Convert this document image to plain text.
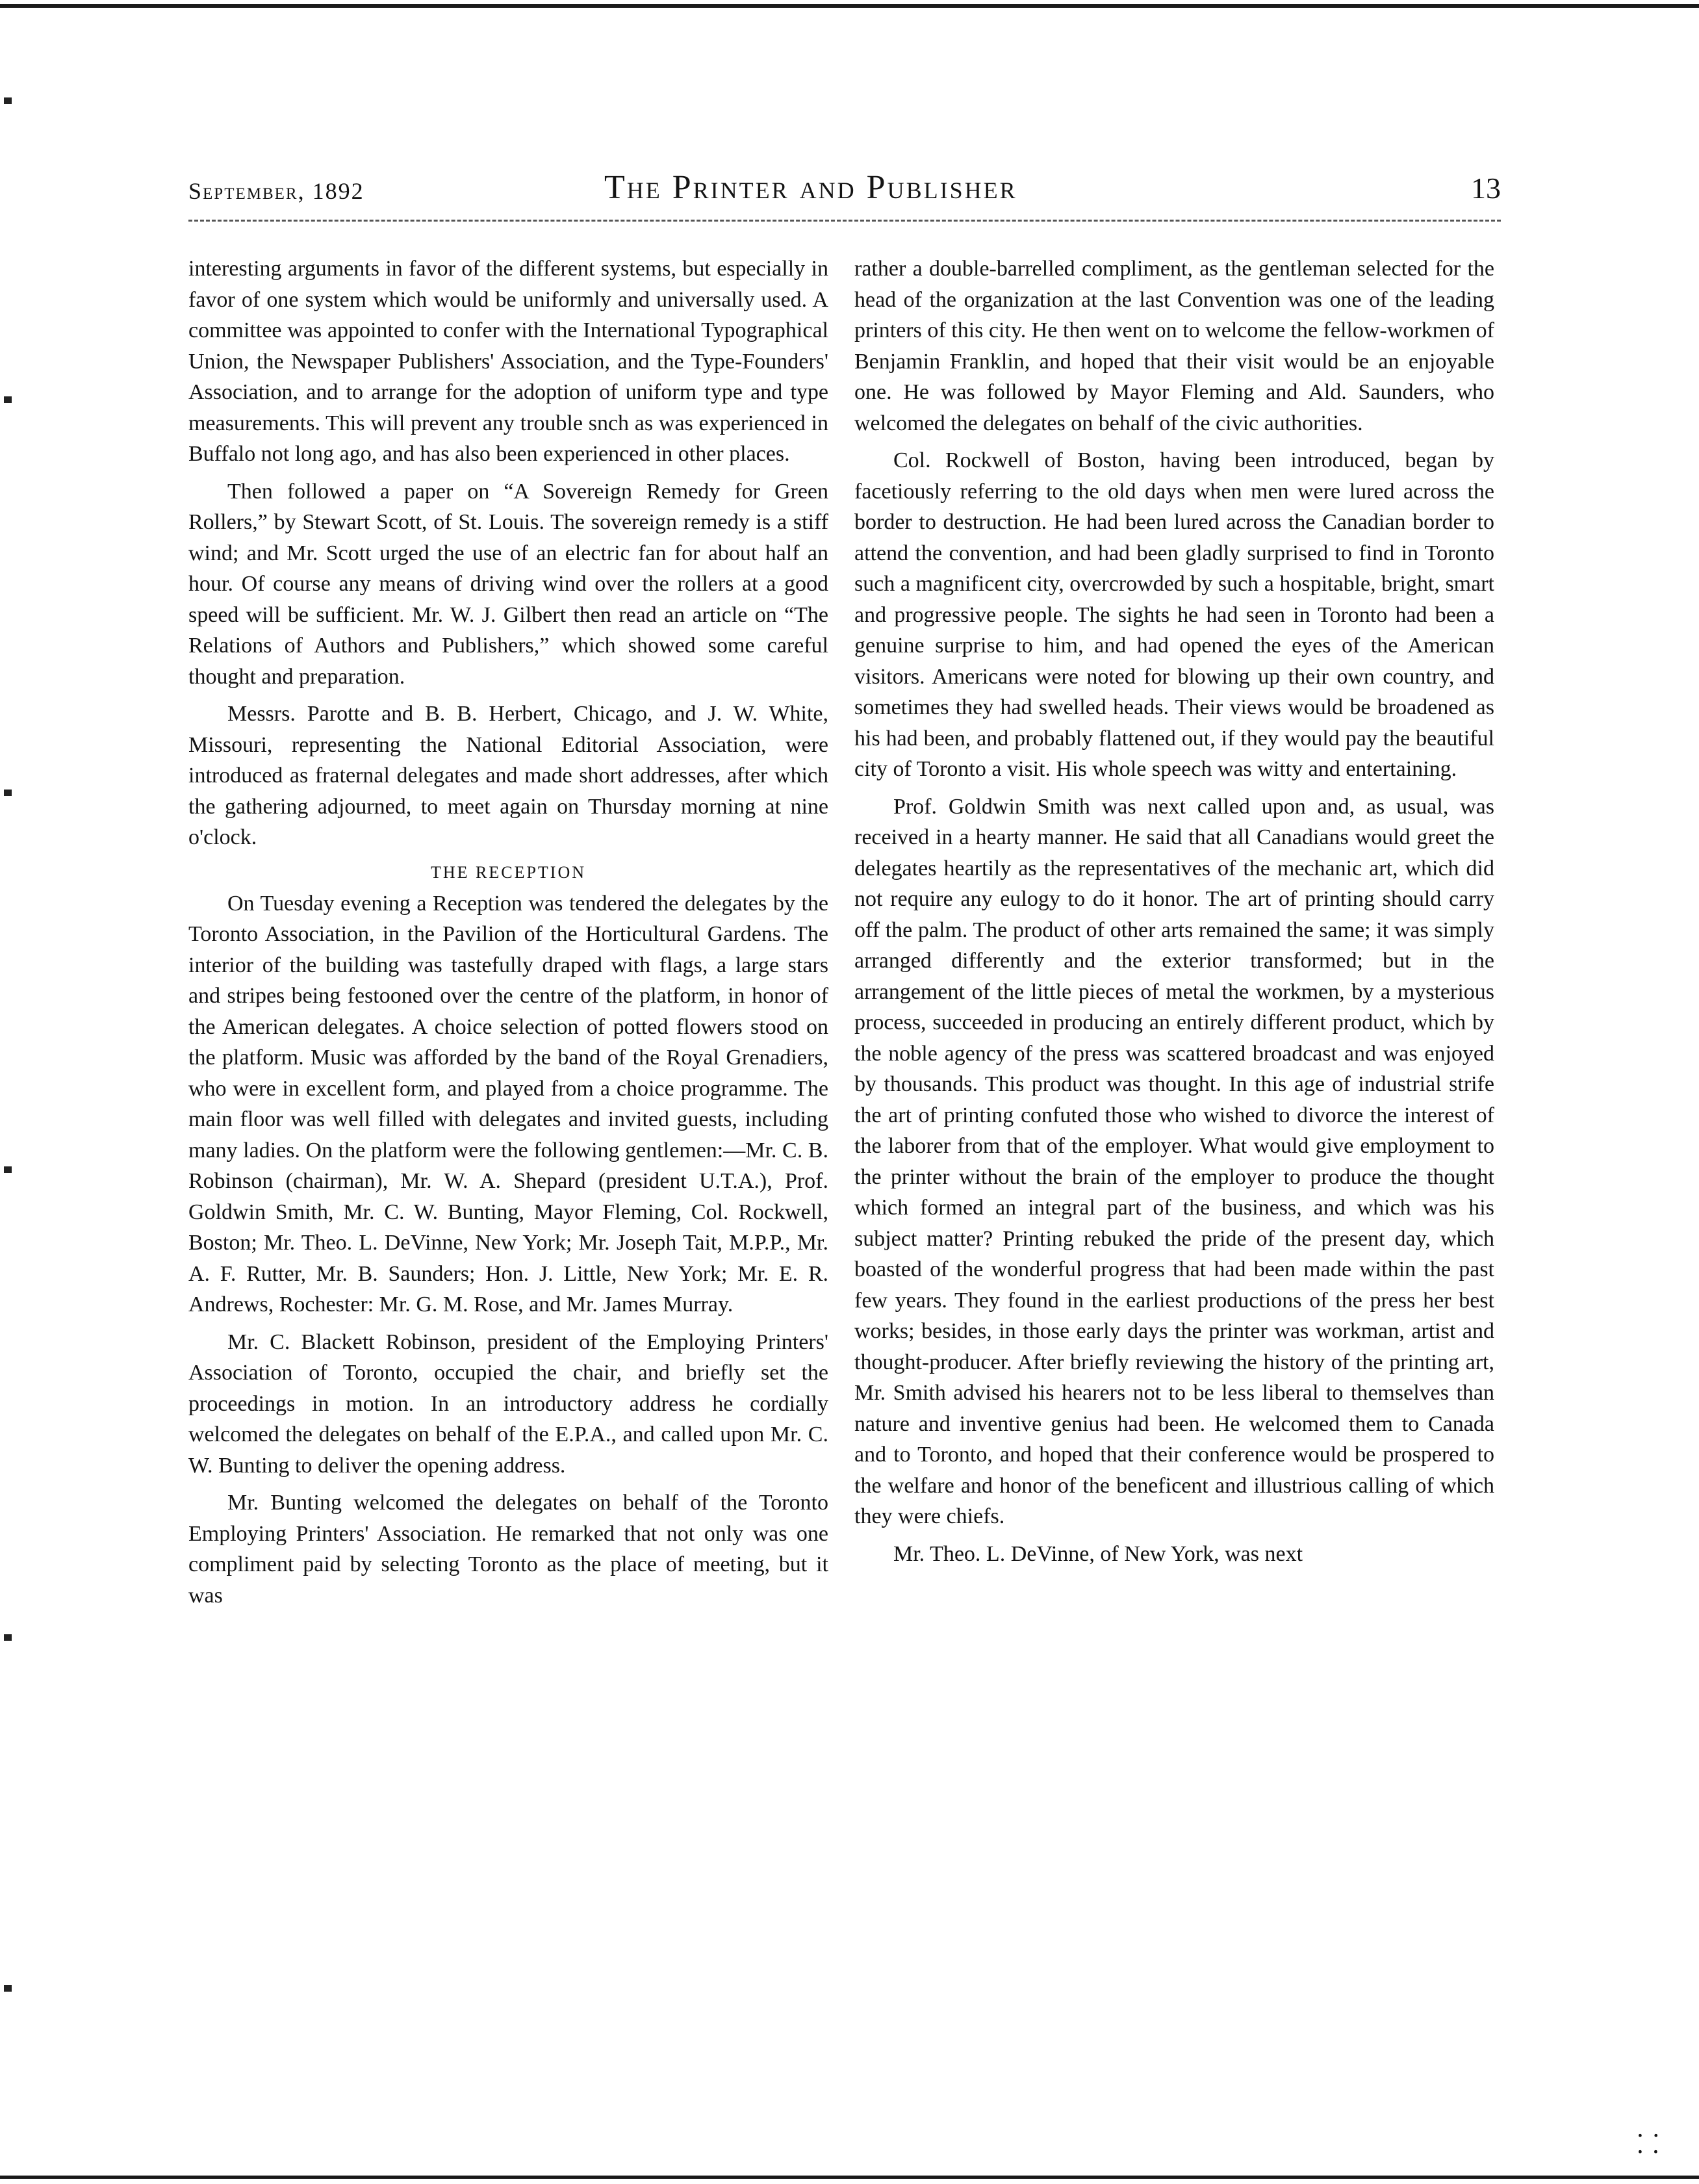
September, 1892	The Printer and Publisher	13

interesting arguments in favor of the different systems, but especially in favor of one system which would be uniformly and universally used. A committee was appointed to confer with the International Typographical Union, the Newspaper Publishers' Association, and the Type-Founders' Association, and to arrange for the adoption of uniform type and type measurements. This will prevent any trouble snch as was experienced in Buffalo not long ago, and has also been experienced in other places.

Then followed a paper on “A Sovereign Remedy for Green Rollers,” by Stewart Scott, of St. Louis. The sovereign remedy is a stiff wind; and Mr. Scott urged the use of an electric fan for about half an hour. Of course any means of driving wind over the rollers at a good speed will be sufficient. Mr. W. J. Gilbert then read an article on “The Relations of Authors and Publishers,” which showed some careful thought and preparation.

Messrs. Parotte and B. B. Herbert, Chicago, and J. W. White, Missouri, representing the National Editorial Association, were introduced as fraternal delegates and made short addresses, after which the gathering adjourned, to meet again on Thursday morning at nine o'clock.

THE RECEPTION

On Tuesday evening a Reception was tendered the delegates by the Toronto Association, in the Pavilion of the Horticultural Gardens. The interior of the building was tastefully draped with flags, a large stars and stripes being festooned over the centre of the platform, in honor of the American delegates. A choice selection of potted flowers stood on the platform. Music was afforded by the band of the Royal Grenadiers, who were in excellent form, and played from a choice programme. The main floor was well filled with delegates and invited guests, including many ladies. On the platform were the following gentlemen:—Mr. C. B. Robinson (chairman), Mr. W. A. Shepard (president U.T.A.), Prof. Goldwin Smith, Mr. C. W. Bunting, Mayor Fleming, Col. Rockwell, Boston; Mr. Theo. L. DeVinne, New York; Mr. Joseph Tait, M.P.P., Mr. A. F. Rutter, Mr. B. Saunders; Hon. J. Little, New York; Mr. E. R. Andrews, Rochester: Mr. G. M. Rose, and Mr. James Murray.

Mr. C. Blackett Robinson, president of the Employing Printers' Association of Toronto, occupied the chair, and briefly set the proceedings in motion. In an introductory address he cordially welcomed the delegates on behalf of the E.P.A., and called upon Mr. C. W. Bunting to deliver the opening address.

Mr. Bunting welcomed the delegates on behalf of the Toronto Employing Printers' Association. He remarked that not only was one compliment paid by selecting Toronto as the place of meeting, but it was

rather a double-barrelled compliment, as the gentleman selected for the head of the organization at the last Convention was one of the leading printers of this city. He then went on to welcome the fellow-workmen of Benjamin Franklin, and hoped that their visit would be an enjoyable one. He was followed by Mayor Fleming and Ald. Saunders, who welcomed the delegates on behalf of the civic authorities.

Col. Rockwell of Boston, having been introduced, began by facetiously referring to the old days when men were lured across the border to destruction. He had been lured across the Canadian border to attend the convention, and had been gladly surprised to find in Toronto such a magnificent city, overcrowded by such a hospitable, bright, smart and progressive people. The sights he had seen in Toronto had been a genuine surprise to him, and had opened the eyes of the American visitors. Americans were noted for blowing up their own country, and sometimes they had swelled heads. Their views would be broadened as his had been, and probably flattened out, if they would pay the beautiful city of Toronto a visit. His whole speech was witty and entertaining.

Prof. Goldwin Smith was next called upon and, as usual, was received in a hearty manner. He said that all Canadians would greet the delegates heartily as the representatives of the mechanic art, which did not require any eulogy to do it honor. The art of printing should carry off the palm. The product of other arts remained the same; it was simply arranged differently and the exterior transformed; but in the arrangement of the little pieces of metal the workmen, by a mysterious process, succeeded in producing an entirely different product, which by the noble agency of the press was scattered broadcast and was enjoyed by thousands. This product was thought. In this age of industrial strife the art of printing confuted those who wished to divorce the interest of the laborer from that of the employer. What would give employment to the printer without the brain of the employer to produce the thought which formed an integral part of the business, and which was his subject matter? Printing rebuked the pride of the present day, which boasted of the wonderful progress that had been made within the past few years. They found in the earliest productions of the press her best works; besides, in those early days the printer was workman, artist and thought-producer. After briefly reviewing the history of the printing art, Mr. Smith advised his hearers not to be less liberal to themselves than nature and inventive genius had been. He welcomed them to Canada and to Toronto, and hoped that their conference would be prospered to the welfare and honor of the beneficent and illustrious calling of which they were chiefs.

Mr. Theo. L. DeVinne, of New York, was next

⸬
